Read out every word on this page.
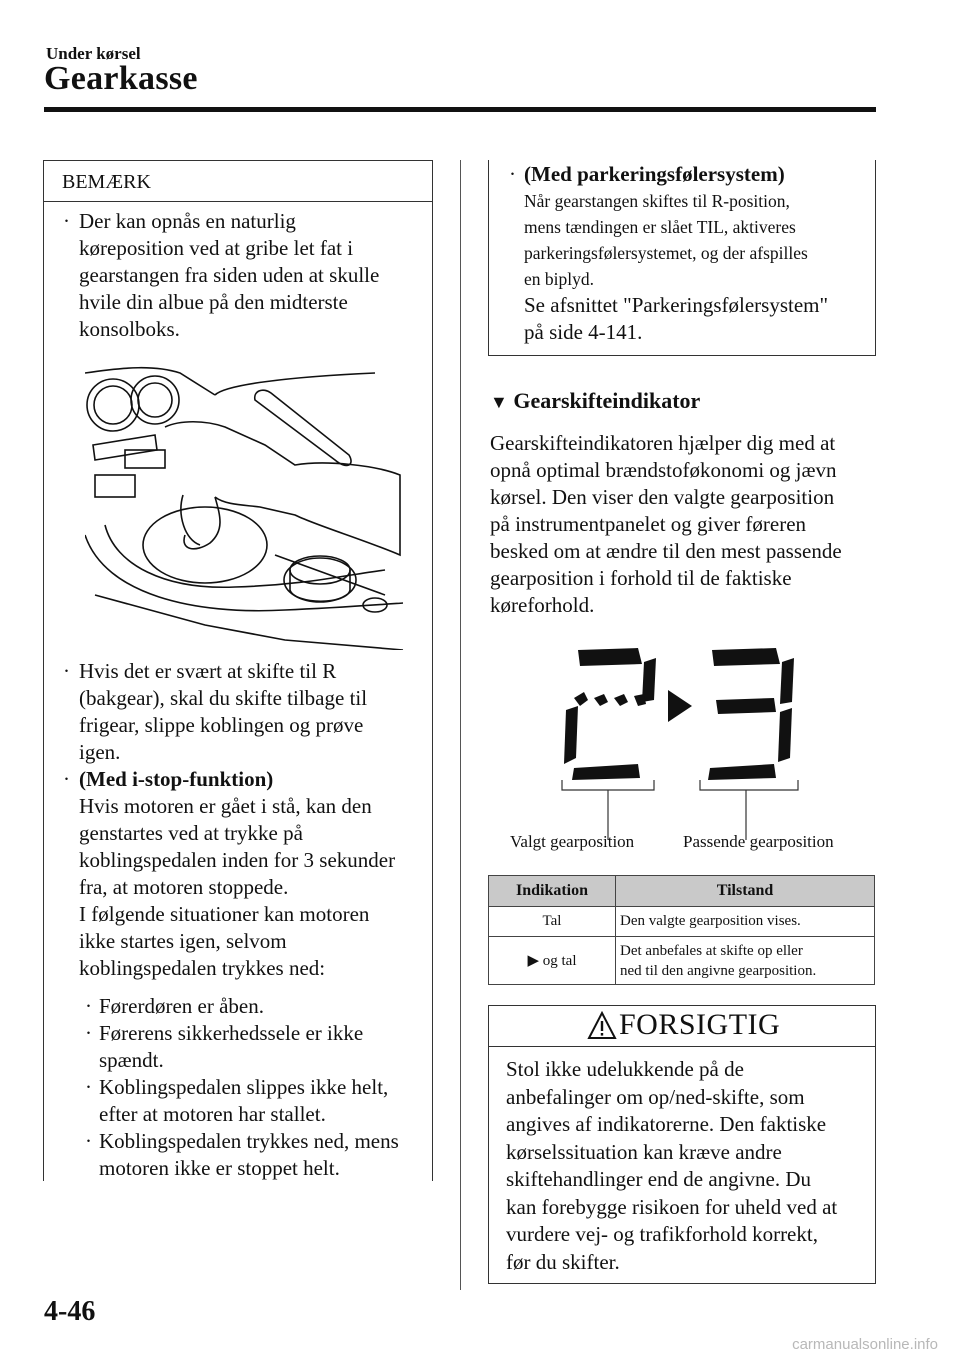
Under kørsel
Gearkasse
BEMÆRK
· Der kan opnås en naturlig
køreposition ved at gribe let fat i
gearstangen fra siden uden at skulle
hvile din albue på den midterste
konsolboks.
· Hvis det er svært at skifte til R
(bakgear), skal du skifte tilbage til
frigear, slippe koblingen og prøve
igen.
· (Med i-stop-funktion)
Hvis motoren er gået i stå, kan den
genstartes ved at trykke på
koblingspedalen inden for 3 sekunder
fra, at motoren stoppede.
I følgende situationer kan motoren
ikke startes igen, selvom
koblingspedalen trykkes ned:
· Førerdøren er åben.
· Førerens sikkerhedssele er ikke
spændt.
· Koblingspedalen slippes ikke helt,
efter at motoren har stallet.
· Koblingspedalen trykkes ned, mens
motoren ikke er stoppet helt.
· (Med parkeringsfølersystem)
Når gearstangen skiftes til R-position,
mens tændingen er slået TIL, aktiveres
parkeringsfølersystemet, og der afspilles
en biplyd.
Se afsnittet "Parkeringsfølersystem"
på side 4-141.
▼ Gearskifteindikator
Gearskifteindikatoren hjælper dig med at
opnå optimal brændstoføkonomi og jævn
kørsel. Den viser den valgte gearposition
på instrumentpanelet og giver føreren
besked om at ændre til den mest passende
gearposition i forhold til de faktiske
køreforhold.
Valgt gearposition	Passende gearposition
Indikation	Tilstand
Tal	Den valgte gearposition vises.
▶ og tal	Det anbefales at skifte op eller
ned til den angivne gearposition.
FORSIGTIG
Stol ikke udelukkende på de
anbefalinger om op/ned-skifte, som
angives af indikatorerne. Den faktiske
kørselssituation kan kræve andre
skiftehandlinger end de angivne. Du
kan forebygge risikoen for uheld ved at
vurdere vej- og trafikforhold korrekt,
før du skifter.
4-46
carmanualsonline.info
